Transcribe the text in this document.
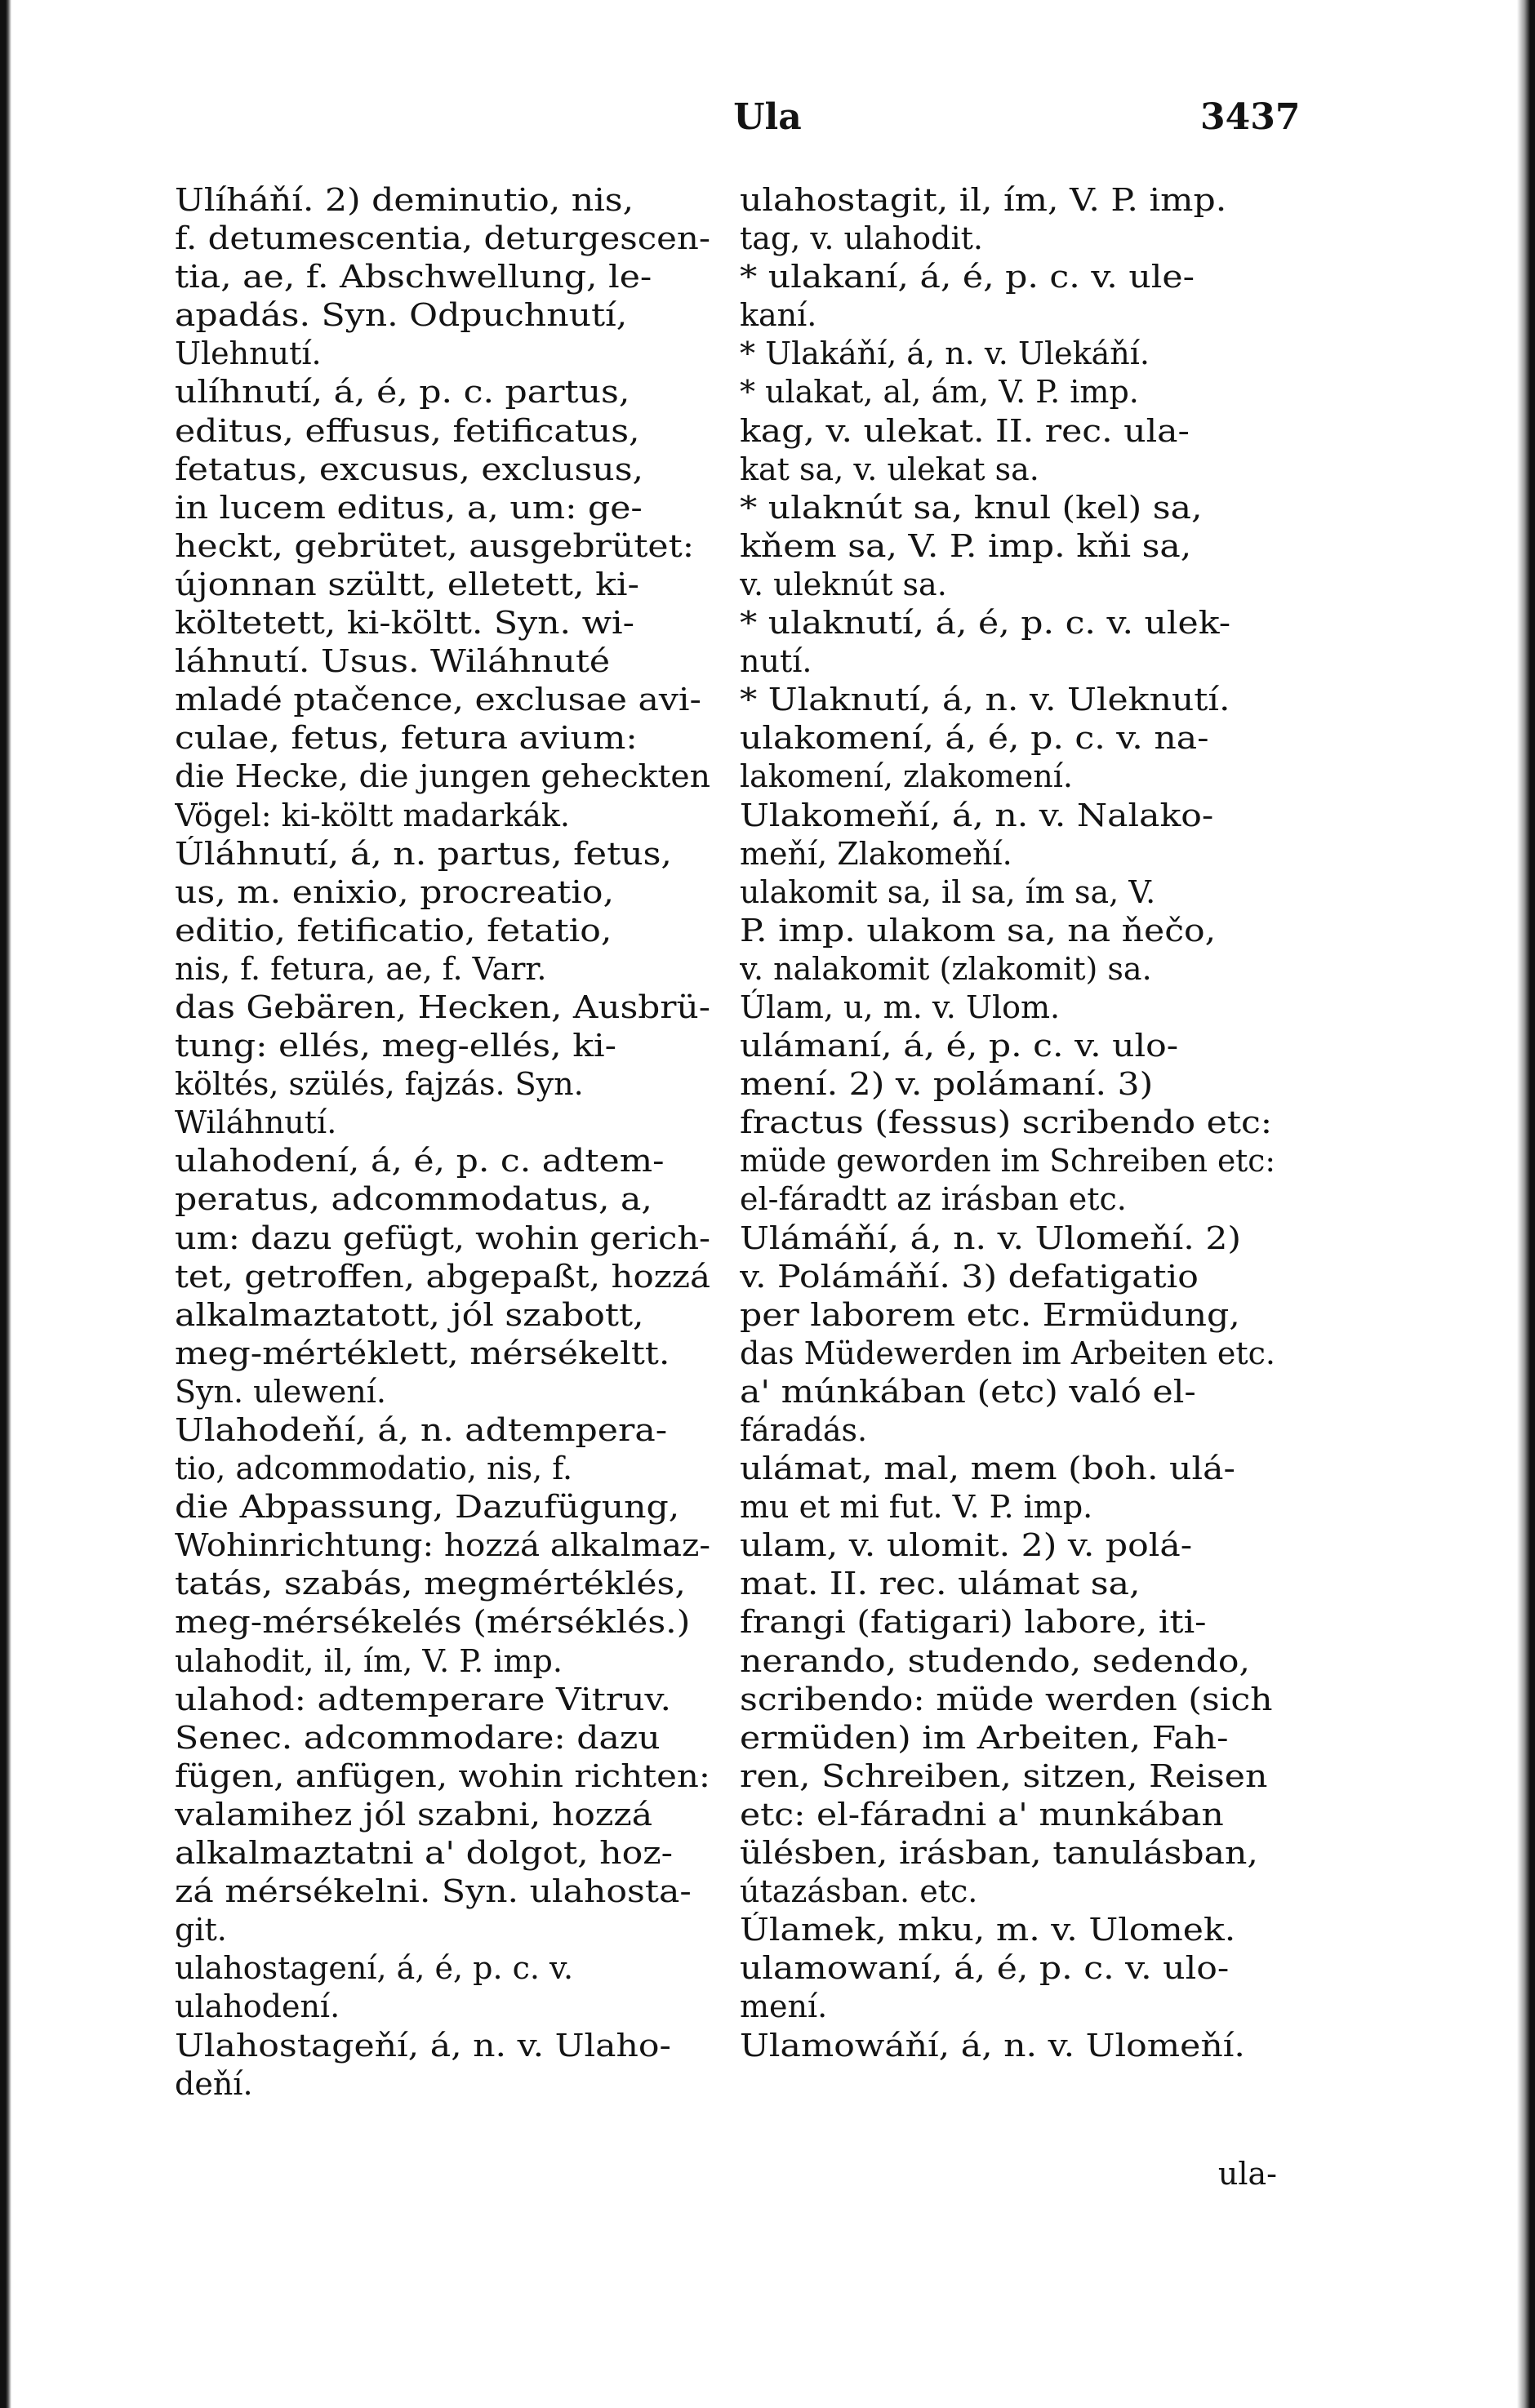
Ula	3437
Ulíháňí. 2) deminutio, nis,
f. detumescentia, deturgescen-
tia, ae, f. Abschwellung, le-
apadás. Syn. Odpuchnutí,
Ulehnutí.
ulíhnutí, á, é, p. c. partus,
editus, effusus, fetificatus,
fetatus, excusus, exclusus,
in lucem editus, a, um: ge-
heckt, gebrütet, ausgebrütet:
újonnan szültt, elletett, ki-
költetett, ki-költt. Syn. wi-
láhnutí. Usus. Wiláhnuté
mladé ptačence, exclusae avi-
culae, fetus, fetura avium:
die Hecke, die jungen geheckten
Vögel: ki-költt madarkák.
Úláhnutí, á, n. partus, fetus,
us, m. enixio, procreatio,
editio, fetificatio, fetatio,
nis, f. fetura, ae, f. Varr.
das Gebären, Hecken, Ausbrü-
tung: ellés, meg-ellés, ki-
költés, szülés, fajzás. Syn.
Wiláhnutí.
ulahodení, á, é, p. c. adtem-
peratus, adcommodatus, a,
um: dazu gefügt, wohin gerich-
tet, getroffen, abgepaßt, hozzá
alkalmaztatott, jól szabott,
meg-mértéklett, mérsékeltt.
Syn. ulewení.
Ulahodeňí, á, n. adtempera-
tio, adcommodatio, nis, f.
die Abpassung, Dazufügung,
Wohinrichtung: hozzá alkalmaz-
tatás, szabás, megmértéklés,
meg-mérsékelés (mérséklés.)
ulahodit, il, ím, V. P. imp.
ulahod: adtemperare Vitruv.
Senec. adcommodare: dazu
fügen, anfügen, wohin richten:
valamihez jól szabni, hozzá
alkalmaztatni a' dolgot, hoz-
zá mérsékelni. Syn. ulahosta-
git.
ulahostagení, á, é, p. c. v.
ulahodení.
Ulahostageňí, á, n. v. Ulaho-
deňí.
ulahostagit, il, ím, V. P. imp.
tag, v. ulahodit.
* ulakaní, á, é, p. c. v. ule-
kaní.
* Ulakáňí, á, n. v. Ulekáňí.
* ulakat, al, ám, V. P. imp.
kag, v. ulekat. II. rec. ula-
kat sa, v. ulekat sa.
* ulaknút sa, knul (kel) sa,
kňem sa, V. P. imp. kňi sa,
v. uleknút sa.
* ulaknutí, á, é, p. c. v. ulek-
nutí.
* Ulaknutí, á, n. v. Uleknutí.
ulakomení, á, é, p. c. v. na-
lakomení, zlakomení.
Ulakomeňí, á, n. v. Nalako-
meňí, Zlakomeňí.
ulakomit sa, il sa, ím sa, V.
P. imp. ulakom sa, na ňečo,
v. nalakomit (zlakomit) sa.
Úlam, u, m. v. Ulom.
ulámaní, á, é, p. c. v. ulo-
mení. 2) v. polámaní. 3)
fractus (fessus) scribendo etc:
müde geworden im Schreiben etc:
el-fáradtt az irásban etc.
Ulámáňí, á, n. v. Ulomeňí. 2)
v. Polámáňí. 3) defatigatio
per laborem etc. Ermüdung,
das Müdewerden im Arbeiten etc.
a' múnkában (etc) való el-
fáradás.
ulámat, mal, mem (boh. ulá-
mu et mi fut. V. P. imp.
ulam, v. ulomit. 2) v. polá-
mat. II. rec. ulámat sa,
frangi (fatigari) labore, iti-
nerando, studendo, sedendo,
scribendo: müde werden (sich
ermüden) im Arbeiten, Fah-
ren, Schreiben, sitzen, Reisen
etc: el-fáradni a' munkában
ülésben, irásban, tanulásban,
útazásban. etc.
Úlamek, mku, m. v. Ulomek.
ulamowaní, á, é, p. c. v. ulo-
mení.
Ulamowáňí, á, n. v. Ulomeňí.
ula-
